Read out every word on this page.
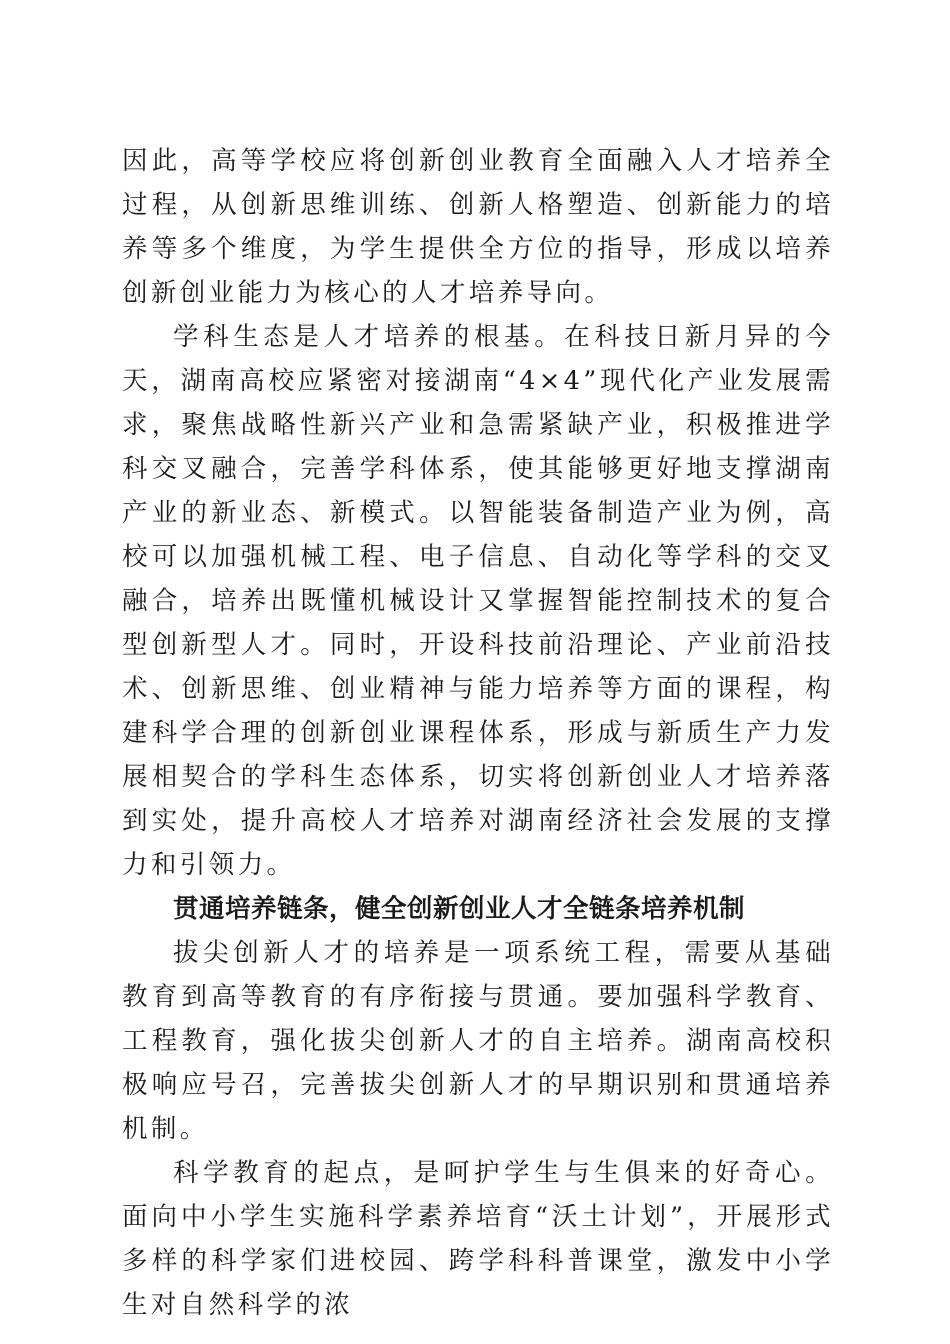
因此，高等学校应将创新创业教育全面融入人才培养全过程，从创新思维训练、创新人格塑造、创新能力的培养等多个维度，为学生提供全方位的指导，形成以培养创新创业能力为核心的人才培养导向。

学科生态是人才培养的根基。在科技日新月异的今天，湖南高校应紧密对接湖南“4×4”现代化产业发展需求，聚焦战略性新兴产业和急需紧缺产业，积极推进学科交叉融合，完善学科体系，使其能够更好地支撑湖南产业的新业态、新模式。以智能装备制造产业为例，高校可以加强机械工程、电子信息、自动化等学科的交叉融合，培养出既懂机械设计又掌握智能控制技术的复合型创新型人才。同时，开设科技前沿理论、产业前沿技术、创新思维、创业精神与能力培养等方面的课程，构建科学合理的创新创业课程体系，形成与新质生产力发展相契合的学科生态体系，切实将创新创业人才培养落到实处，提升高校人才培养对湖南经济社会发展的支撑力和引领力。

贯通培养链条，健全创新创业人才全链条培养机制

拔尖创新人才的培养是一项系统工程，需要从基础教育到高等教育的有序衔接与贯通。要加强科学教育、工程教育，强化拔尖创新人才的自主培养。湖南高校积极响应号召，完善拔尖创新人才的早期识别和贯通培养机制。

科学教育的起点，是呵护学生与生俱来的好奇心。面向中小学生实施科学素养培育“沃土计划”，开展形式多样的科学家们进校园、跨学科科普课堂，激发中小学生对自然科学的浓
